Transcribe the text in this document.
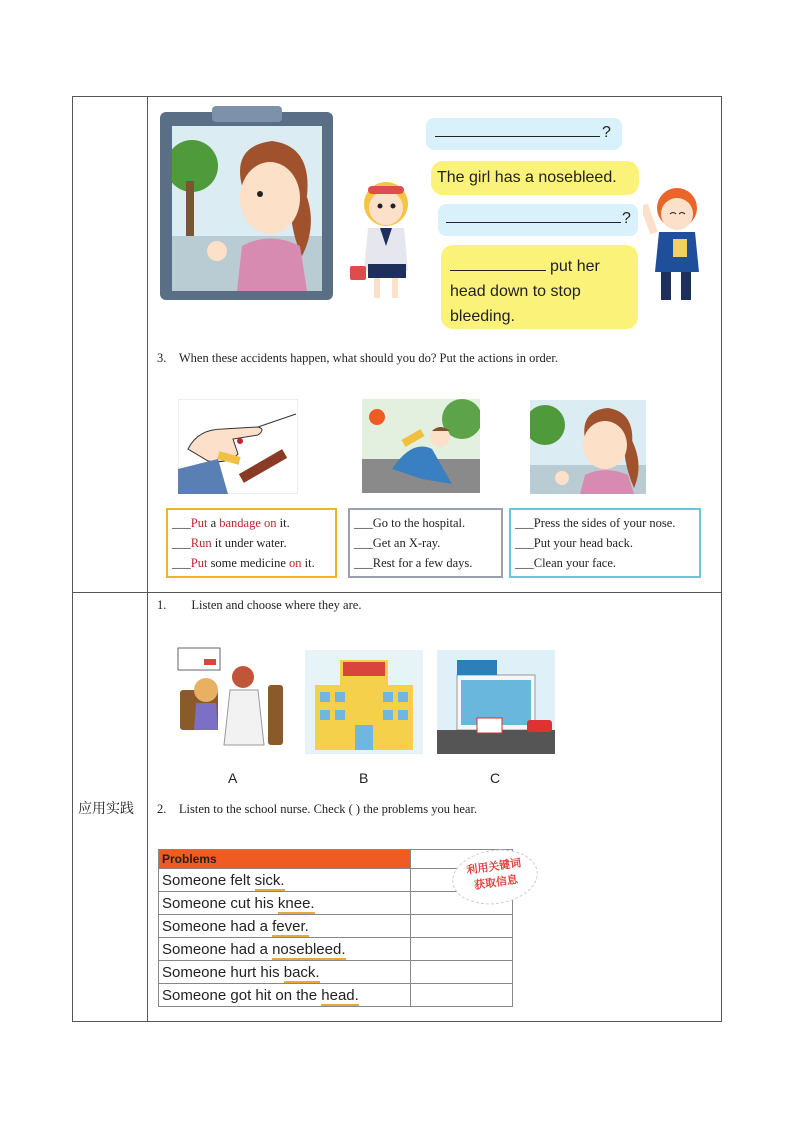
?
The girl has a nosebleed.
?
put her head down to stop bleeding.
3. When these accidents happen, what should you do? Put the actions in order.
___Put a bandage on it.
___Run it under water.
___Put some medicine on it.
___Go to the hospital.
___Get an X-ray.
___Rest for a few days.
___Press the sides of your nose.
___Put your head back.
___Clean your face.
应用实践
1. Listen and choose where they are.
A	B	C
2. Listen to the school nurse. Check ( ) the problems you hear.
Problems	
Someone felt sick.	
Someone cut his knee.	
Someone had a fever.	
Someone had a nosebleed.	
Someone hurt his back.	
Someone got hit on the head.	
利用关键词
获取信息
